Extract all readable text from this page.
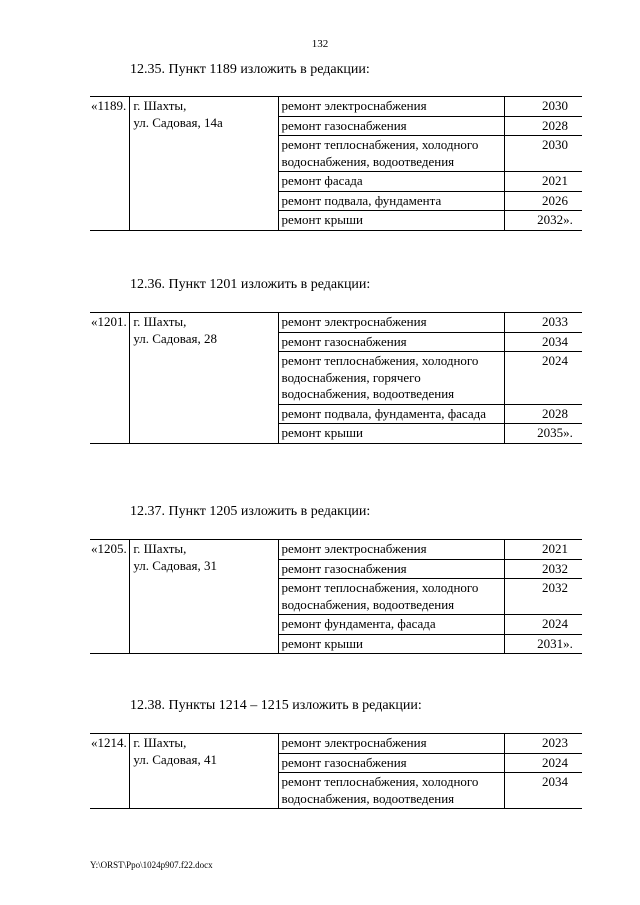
132
12.35. Пункт 1189 изложить в редакции:
«1189.	г. Шахты,
ул. Садовая, 14а	ремонт электроснабжения	2030
		ремонт газоснабжения	2028
		ремонт теплоснабжения, холодного водоснабжения, водоотведения	2030
		ремонт фасада	2021
		ремонт подвала, фундамента	2026
		ремонт крыши	2032».
12.36. Пункт 1201 изложить в редакции:
«1201.	г. Шахты,
ул. Садовая, 28	ремонт электроснабжения	2033
		ремонт газоснабжения	2034
		ремонт теплоснабжения, холодного водоснабжения, горячего водоснабжения, водоотведения	2024
		ремонт подвала, фундамента, фасада	2028
		ремонт крыши	2035».
12.37. Пункт 1205 изложить в редакции:
«1205.	г. Шахты,
ул. Садовая, 31	ремонт электроснабжения	2021
		ремонт газоснабжения	2032
		ремонт теплоснабжения, холодного водоснабжения, водоотведения	2032
		ремонт фундамента, фасада	2024
		ремонт крыши	2031».
12.38. Пункты 1214 – 1215 изложить в редакции:
«1214.	г. Шахты,
ул. Садовая, 41	ремонт электроснабжения	2023
		ремонт газоснабжения	2024
		ремонт теплоснабжения, холодного водоснабжения, водоотведения	2034
Y:\ORST\Ppo\1024p907.f22.docx
